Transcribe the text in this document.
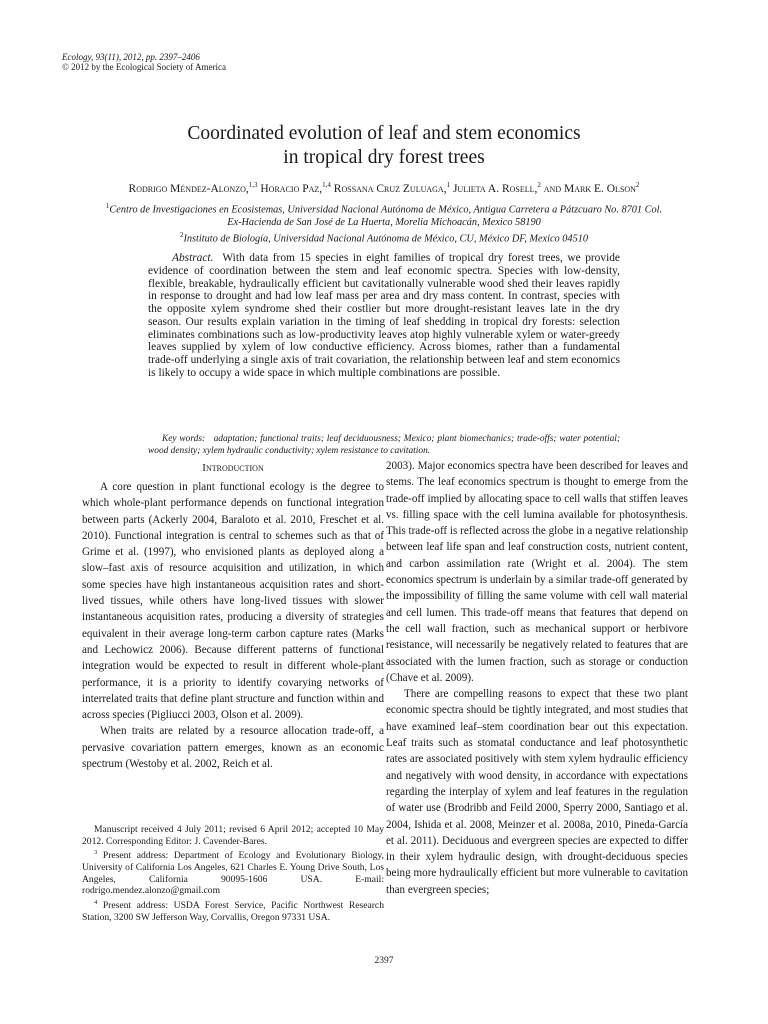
Ecology, 93(11), 2012, pp. 2397–2406
© 2012 by the Ecological Society of America
Coordinated evolution of leaf and stem economics
in tropical dry forest trees
Rodrigo Méndez-Alonzo,$^{1,3}$ Horacio Paz,$^{1,4}$ Rossana Cruz Zuluaga,$^1$ Julieta A. Rosell,$^2$ and Mark E. Olson$^2$
$^1$Centro de Investigaciones en Ecosistemas, Universidad Nacional Autónoma de México, Antigua Carretera a Pátzcuaro No. 8701 Col.
Ex-Hacienda de San José de La Huerta, Morelia Michoacán, Mexico 58190
$^2$Instituto de Biología, Universidad Nacional Autónoma de México, CU, México DF, Mexico 04510
Abstract. With data from 15 species in eight families of tropical dry forest trees, we provide evidence of coordination between the stem and leaf economic spectra. Species with low-density, flexible, breakable, hydraulically efficient but cavitationally vulnerable wood shed their leaves rapidly in response to drought and had low leaf mass per area and dry mass content. In contrast, species with the opposite xylem syndrome shed their costlier but more drought-resistant leaves late in the dry season. Our results explain variation in the timing of leaf shedding in tropical dry forests: selection eliminates combinations such as low-productivity leaves atop highly vulnerable xylem or water-greedy leaves supplied by xylem of low conductive efficiency. Across biomes, rather than a fundamental trade-off underlying a single axis of trait covariation, the relationship between leaf and stem economics is likely to occupy a wide space in which multiple combinations are possible.
Key words: adaptation; functional traits; leaf deciduousness; Mexico; plant biomechanics; trade-offs; water potential; wood density; xylem hydraulic conductivity; xylem resistance to cavitation.
Introduction

A core question in plant functional ecology is the degree to which whole-plant performance depends on functional integration between parts (Ackerly 2004, Baraloto et al. 2010, Freschet et al. 2010). Functional integration is central to schemes such as that of Grime et al. (1997), who envisioned plants as deployed along a slow–fast axis of resource acquisition and utilization, in which some species have high instantaneous acquisition rates and short-lived tissues, while others have long-lived tissues with slower instantaneous acquisition rates, producing a diversity of strategies equivalent in their average long-term carbon capture rates (Marks and Lechowicz 2006). Because different patterns of functional integration would be expected to result in different whole-plant performance, it is a priority to identify covarying networks of interrelated traits that define plant structure and function within and across species (Pigliucci 2003, Olson et al. 2009).

When traits are related by a resource allocation trade-off, a pervasive covariation pattern emerges, known as an economic spectrum (Westoby et al. 2002, Reich et al.

Manuscript received 4 July 2011; revised 6 April 2012; accepted 10 May 2012. Corresponding Editor: J. Cavender-Bares.

$^3$ Present address: Department of Ecology and Evolutionary Biology, University of California Los Angeles, 621 Charles E. Young Drive South, Los Angeles, California 90095-1606 USA. E-mail: rodrigo.mendez.alonzo@gmail.com

$^4$ Present address: USDA Forest Service, Pacific Northwest Research Station, 3200 SW Jefferson Way, Corvallis, Oregon 97331 USA.

2003). Major economics spectra have been described for leaves and stems. The leaf economics spectrum is thought to emerge from the trade-off implied by allocating space to cell walls that stiffen leaves vs. filling space with the cell lumina available for photosynthesis. This trade-off is reflected across the globe in a negative relationship between leaf life span and leaf construction costs, nutrient content, and carbon assimilation rate (Wright et al. 2004). The stem economics spectrum is underlain by a similar trade-off generated by the impossibility of filling the same volume with cell wall material and cell lumen. This trade-off means that features that depend on the cell wall fraction, such as mechanical support or herbivore resistance, will necessarily be negatively related to features that are associated with the lumen fraction, such as storage or conduction (Chave et al. 2009).

There are compelling reasons to expect that these two plant economic spectra should be tightly integrated, and most studies that have examined leaf–stem coordination bear out this expectation. Leaf traits such as stomatal conductance and leaf photosynthetic rates are associated positively with stem xylem hydraulic efficiency and negatively with wood density, in accordance with expectations regarding the interplay of xylem and leaf features in the regulation of water use (Brodribb and Feild 2000, Sperry 2000, Santiago et al. 2004, Ishida et al. 2008, Meinzer et al. 2008a, 2010, Pineda-García et al. 2011). Deciduous and evergreen species are expected to differ in their xylem hydraulic design, with drought-deciduous species being more hydraulically efficient but more vulnerable to cavitation than evergreen species;

2397
